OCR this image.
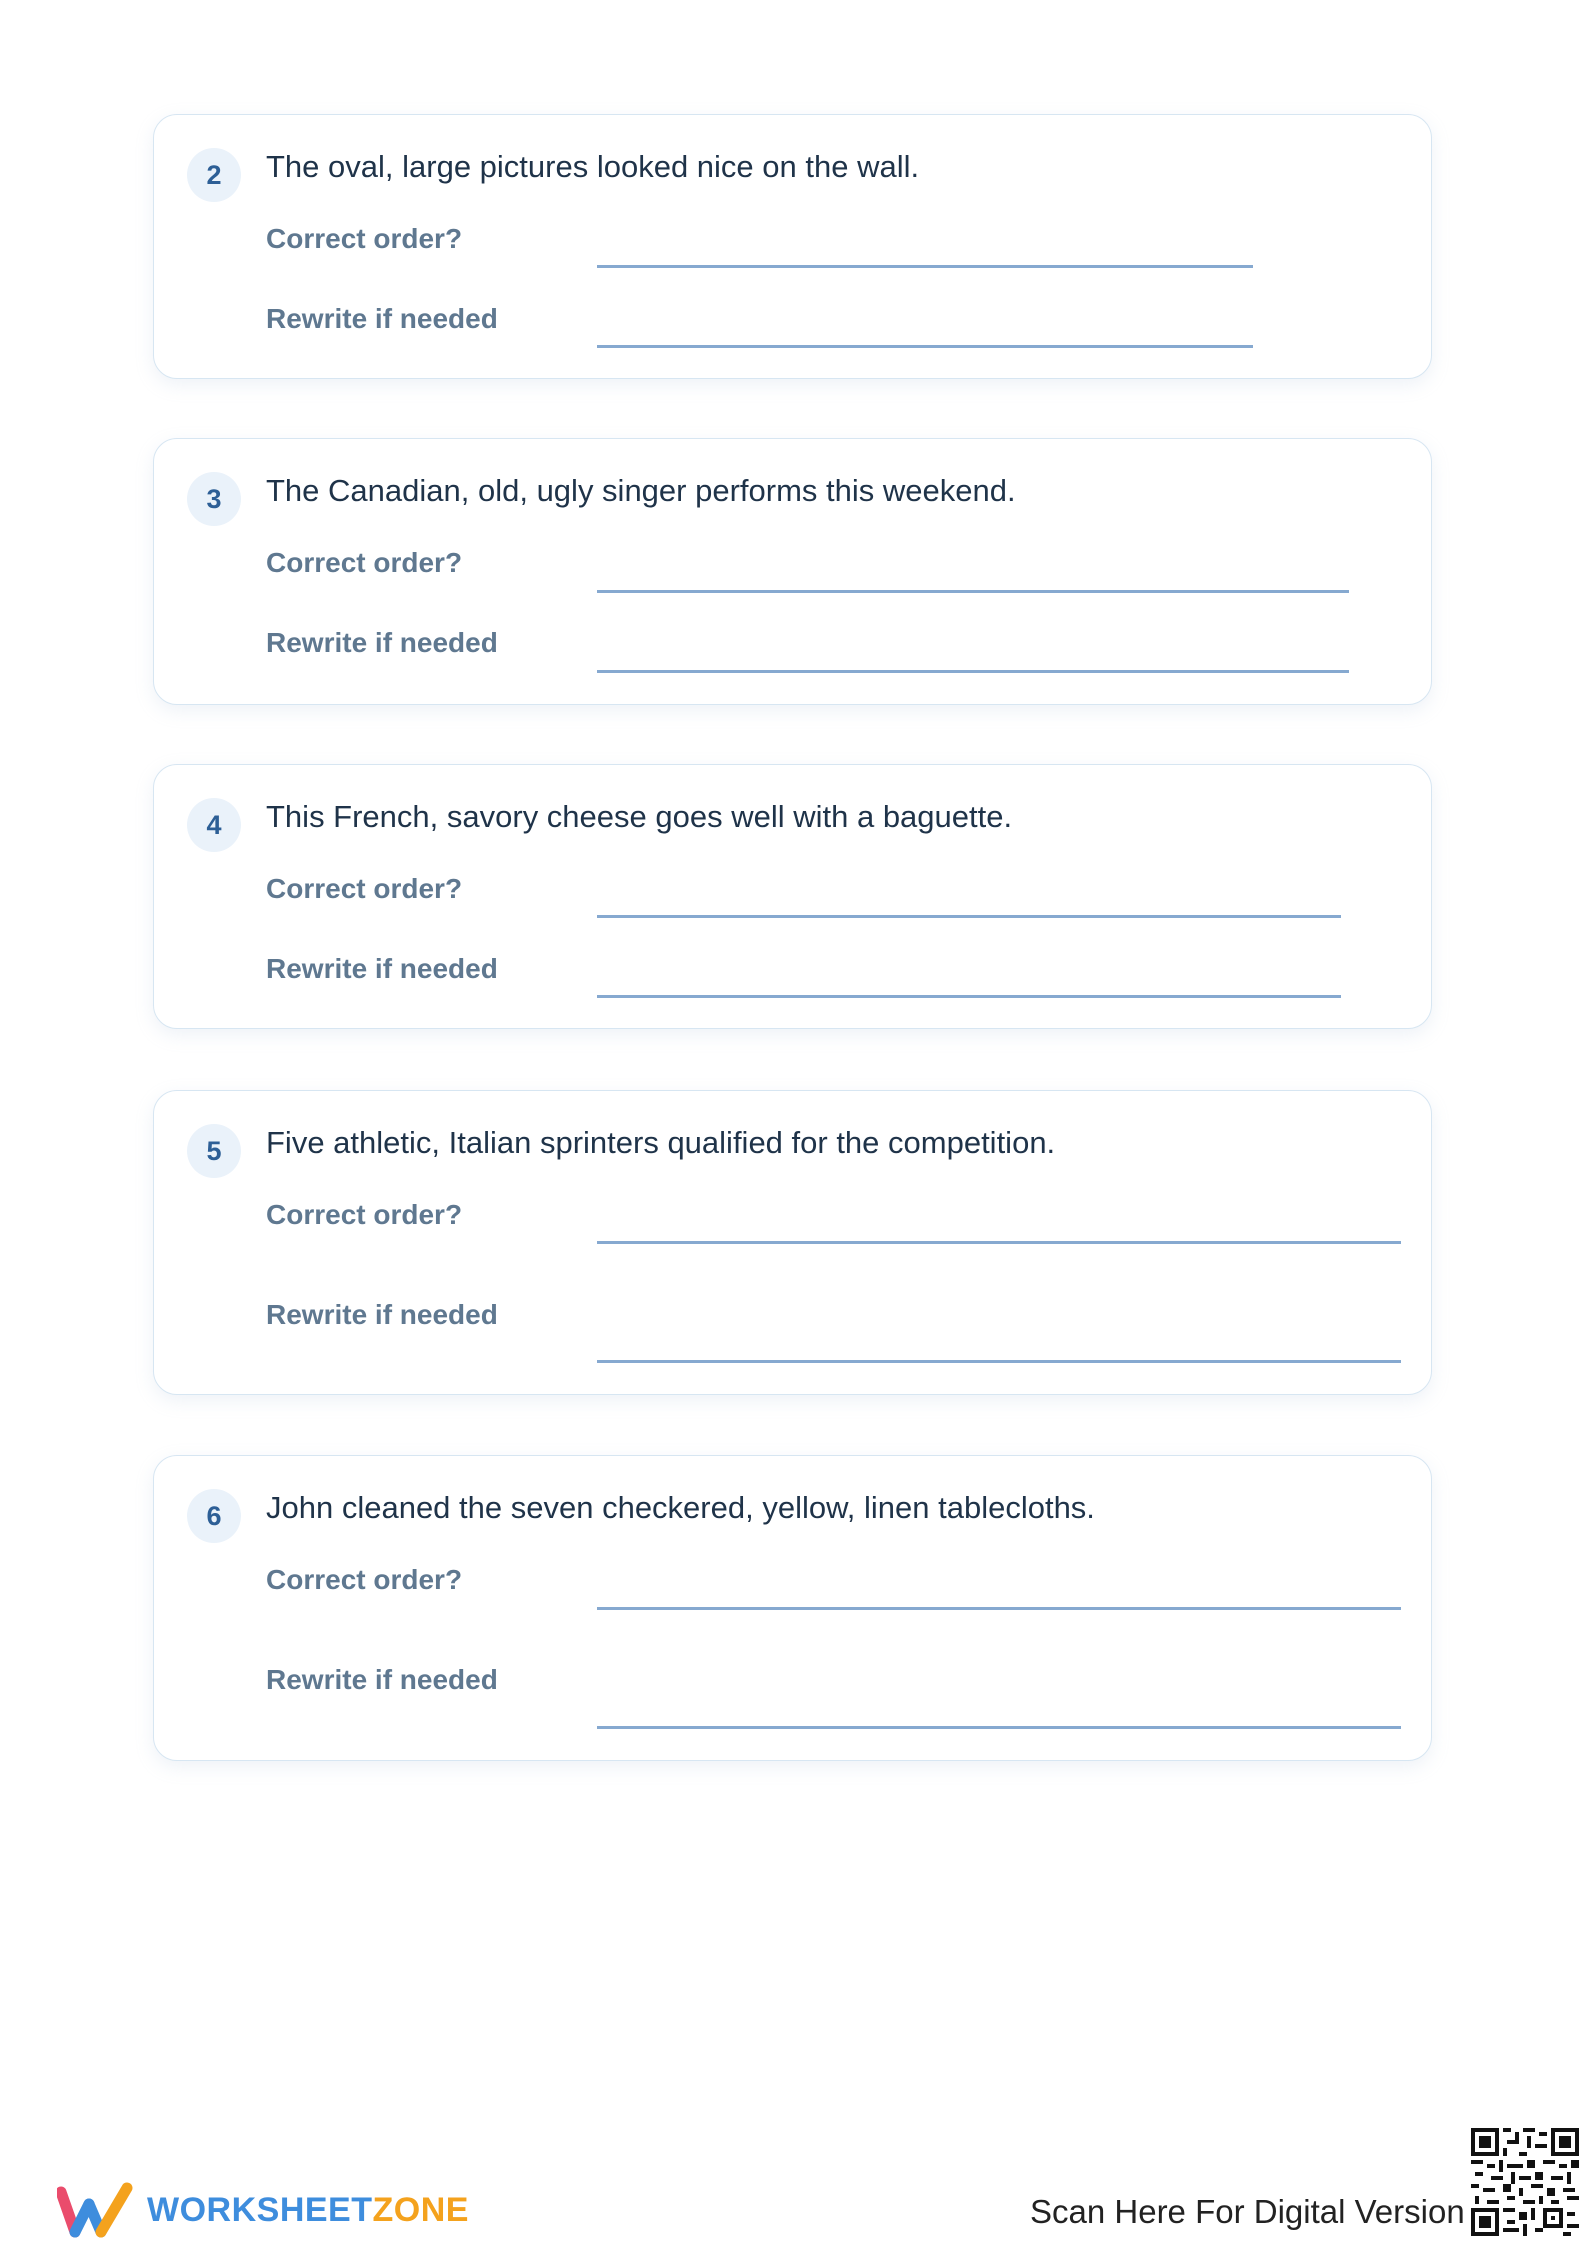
2	The oval, large pictures looked nice on the wall.
Correct order?
Rewrite if needed
3	The Canadian, old, ugly singer performs this weekend.
Correct order?
Rewrite if needed
4	This French, savory cheese goes well with a baguette.
Correct order?
Rewrite if needed
5	Five athletic, Italian sprinters qualified for the competition.
Correct order?
Rewrite if needed
6	John cleaned the seven checkered, yellow, linen tablecloths.
Correct order?
Rewrite if needed
WORKSHEETZONE	Scan Here For Digital Version
